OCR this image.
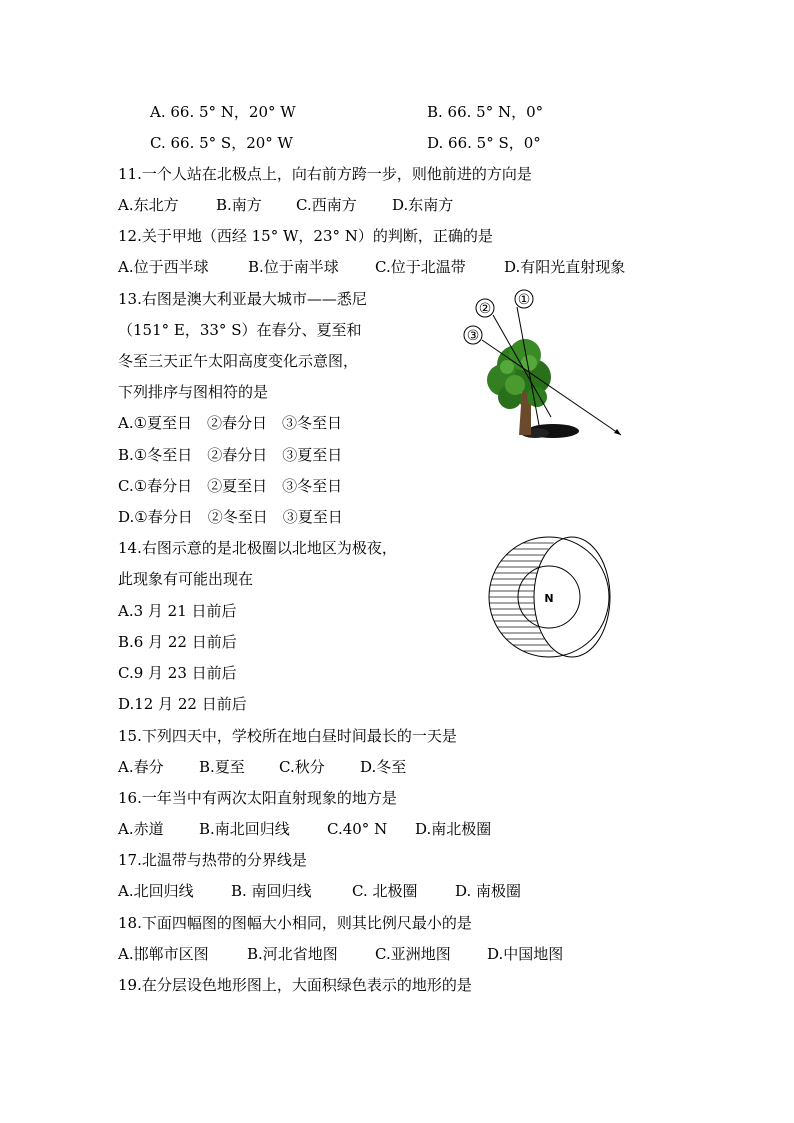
A. 66. 5° N，20° W	B. 66. 5° N，0°
C. 66. 5° S，20° W	D. 66. 5° S，0°
11.一个人站在北极点上，向右前方跨一步，则他前进的方向是
A.东北方 B.南方 C.西南方 D.东南方
12.关于甲地（西经 15° W，23° N）的判断，正确的是
A.位于西半球	B.位于南半球 C.位于北温带	D.有阳光直射现象
13.右图是澳大利亚最大城市——悉尼
（151° E，33° S）在春分、夏至和
冬至三天正午太阳高度变化示意图，
下列排序与图相符的是
A.①夏至日　②春分日　③冬至日
B.①冬至日　②春分日　③夏至日
C.①春分日　②夏至日　③冬至日
D.①春分日　②冬至日　③夏至日
①
②
③
14.右图示意的是北极圈以北地区为极夜，
此现象有可能出现在
A.3 月 21 日前后
B.6 月 22 日前后
C.9 月 23 日前后
D.12 月 22 日前后
N
15.下列四天中，学校所在地白昼时间最长的一天是
A.春分 B.夏至 C.秋分 D.冬至
16.一年当中有两次太阳直射现象的地方是
A.赤道 B.南北回归线 C.40° N D.南北极圈
17.北温带与热带的分界线是
A.北回归线 B. 南回归线	C. 北极圈	D. 南极圈
18.下面四幅图的图幅大小相同，则其比例尺最小的是
A.邯郸市区图	B.河北省地图 C.亚洲地图 D.中国地图
19.在分层设色地形图上，大面积绿色表示的地形的是
